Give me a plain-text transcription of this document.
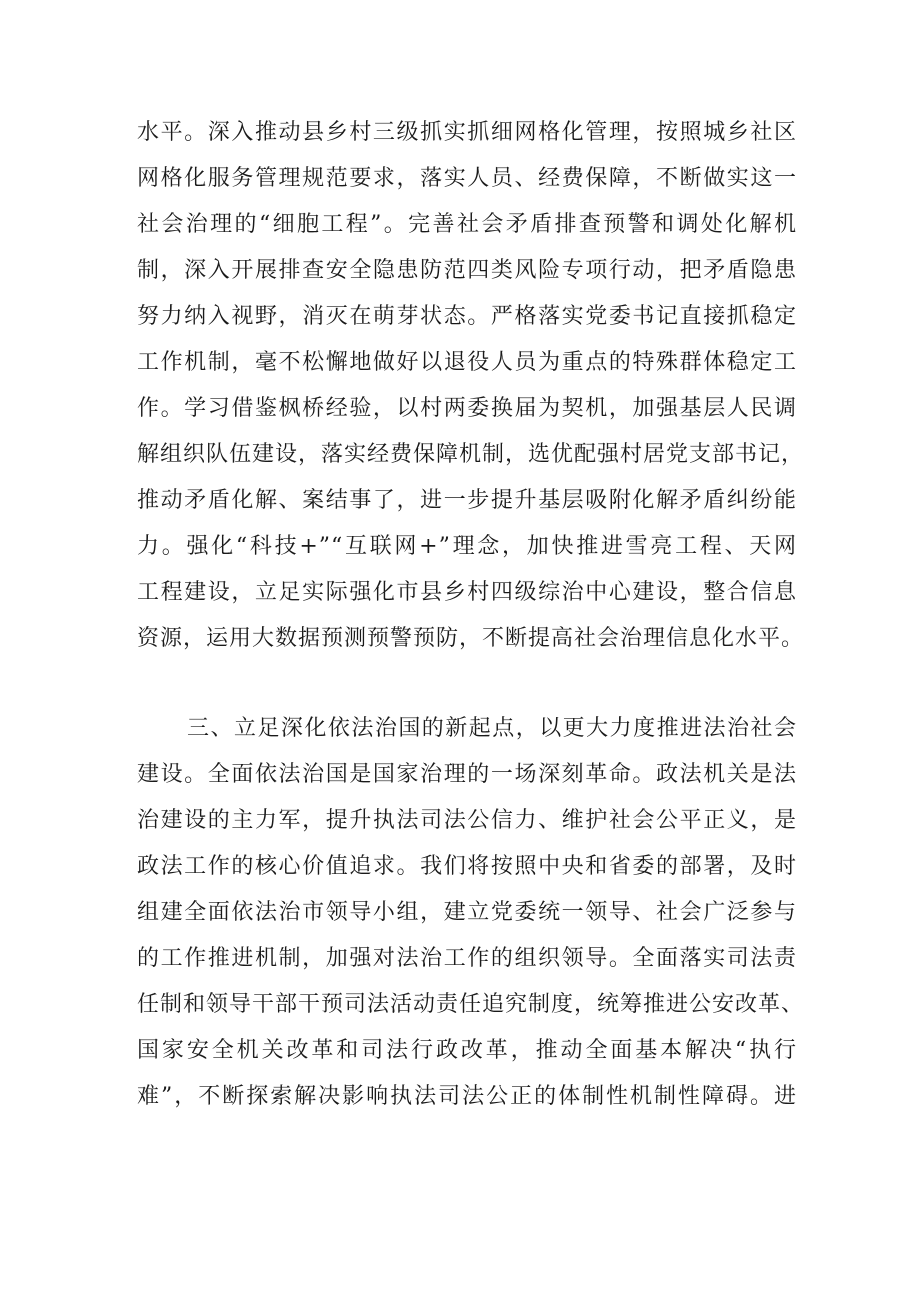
水平。深入推动县乡村三级抓实抓细网格化管理，按照城乡社区
网格化服务管理规范要求，落实人员、经费保障，不断做实这一
社会治理的“细胞工程”。完善社会矛盾排查预警和调处化解机
制，深入开展排查安全隐患防范四类风险专项行动，把矛盾隐患
努力纳入视野，消灭在萌芽状态。严格落实党委书记直接抓稳定
工作机制，毫不松懈地做好以退役人员为重点的特殊群体稳定工
作。学习借鉴枫桥经验，以村两委换届为契机，加强基层人民调
解组织队伍建设，落实经费保障机制，选优配强村居党支部书记，
推动矛盾化解、案结事了，进一步提升基层吸附化解矛盾纠纷能
力。强化“科技+”“互联网+”理念，加快推进雪亮工程、天网
工程建设，立足实际强化市县乡村四级综治中心建设，整合信息
资源，运用大数据预测预警预防，不断提高社会治理信息化水平。
三、立足深化依法治国的新起点，以更大力度推进法治社会
建设。全面依法治国是国家治理的一场深刻革命。政法机关是法
治建设的主力军，提升执法司法公信力、维护社会公平正义，是
政法工作的核心价值追求。我们将按照中央和省委的部署，及时
组建全面依法治市领导小组，建立党委统一领导、社会广泛参与
的工作推进机制，加强对法治工作的组织领导。全面落实司法责
任制和领导干部干预司法活动责任追究制度，统筹推进公安改革、
国家安全机关改革和司法行政改革，推动全面基本解决“执行
难”，不断探索解决影响执法司法公正的体制性机制性障碍。进
